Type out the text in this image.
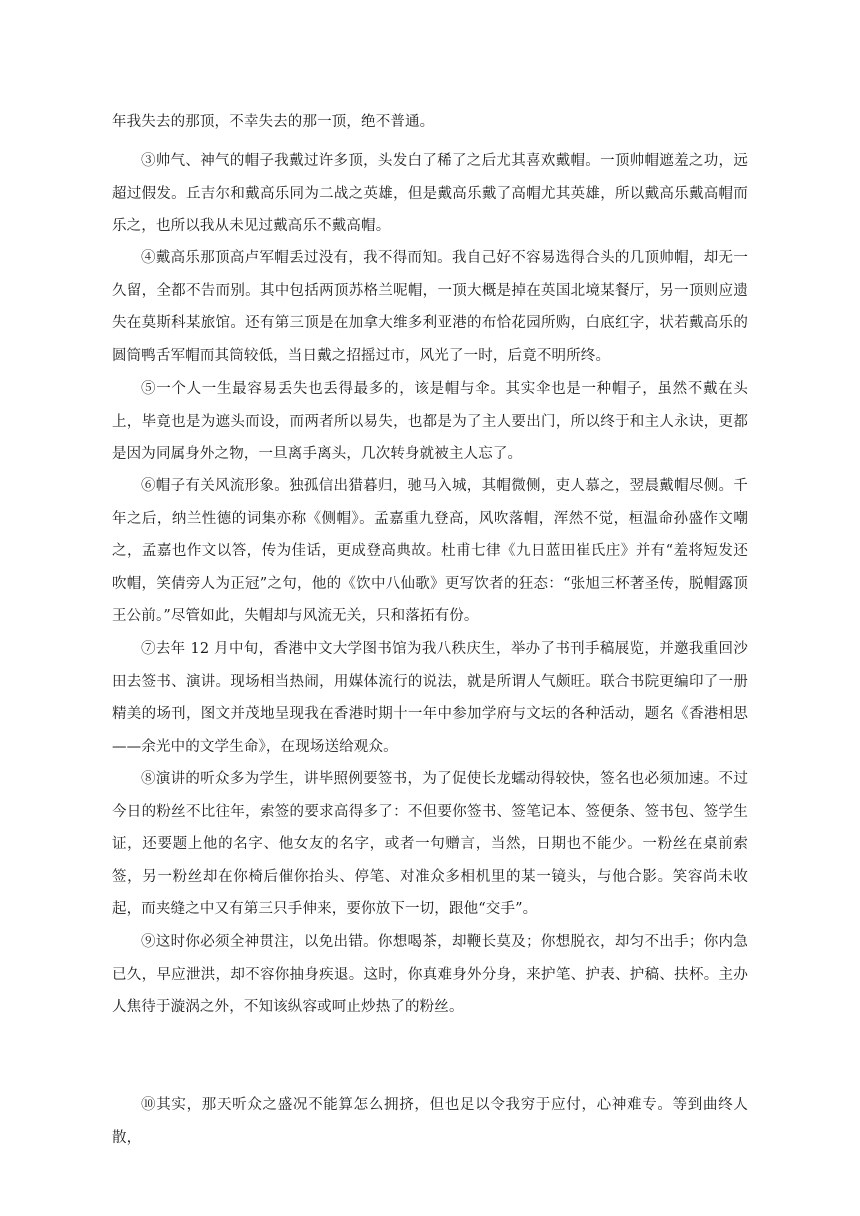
年我失去的那顶，不幸失去的那一顶，绝不普通。

③帅气、神气的帽子我戴过许多顶，头发白了稀了之后尤其喜欢戴帽。一顶帅帽遮羞之功，远超过假发。丘吉尔和戴高乐同为二战之英雄，但是戴高乐戴了高帽尤其英雄，所以戴高乐戴高帽而乐之，也所以我从未见过戴高乐不戴高帽。

④戴高乐那顶高卢军帽丢过没有，我不得而知。我自己好不容易选得合头的几顶帅帽，却无一久留，全都不告而别。其中包括两顶苏格兰呢帽，一顶大概是掉在英国北境某餐厅，另一顶则应遗失在莫斯科某旅馆。还有第三顶是在加拿大维多利亚港的布恰花园所购，白底红字，状若戴高乐的圆筒鸭舌军帽而其筒较低，当日戴之招摇过市，风光了一时，后竟不明所终。

⑤一个人一生最容易丢失也丢得最多的，该是帽与伞。其实伞也是一种帽子，虽然不戴在头上，毕竟也是为遮头而设，而两者所以易失，也都是为了主人要出门，所以终于和主人永诀，更都是因为同属身外之物，一旦离手离头，几次转身就被主人忘了。

⑥帽子有关风流形象。独孤信出猎暮归，驰马入城，其帽微侧，吏人慕之，翌晨戴帽尽侧。千年之后，纳兰性德的词集亦称《侧帽》。孟嘉重九登高，风吹落帽，浑然不觉，桓温命孙盛作文嘲之，孟嘉也作文以答，传为佳话，更成登高典故。杜甫七律《九日蓝田崔氏庄》并有“羞将短发还吹帽，笑倩旁人为正冠”之句，他的《饮中八仙歌》更写饮者的狂态：“张旭三杯著圣传，脱帽露顶王公前。”尽管如此，失帽却与风流无关，只和落拓有份。

⑦去年 12 月中旬，香港中文大学图书馆为我八秩庆生，举办了书刊手稿展览，并邀我重回沙田去签书、演讲。现场相当热闹，用媒体流行的说法，就是所谓人气颇旺。联合书院更编印了一册精美的场刊，图文并茂地呈现我在香港时期十一年中参加学府与文坛的各种活动，题名《香港相思——余光中的文学生命》，在现场送给观众。

⑧演讲的听众多为学生，讲毕照例要签书，为了促使长龙蠕动得较快，签名也必须加速。不过今日的粉丝不比往年，索签的要求高得多了：不但要你签书、签笔记本、签便条、签书包、签学生证，还要题上他的名字、他女友的名字，或者一句赠言，当然，日期也不能少。一粉丝在桌前索签，另一粉丝却在你椅后催你抬头、停笔、对准众多相机里的某一镜头，与他合影。笑容尚未收起，而夹缝之中又有第三只手伸来，要你放下一切，跟他“交手”。

⑨这时你必须全神贯注，以免出错。你想喝茶，却鞭长莫及；你想脱衣，却匀不出手；你内急已久，早应泄洪，却不容你抽身疾退。这时，你真难身外分身，来护笔、护表、护稿、扶杯。主办人焦待于漩涡之外，不知该纵容或呵止炒热了的粉丝。

⑩其实，那天听众之盛况不能算怎么拥挤，但也足以令我穷于应付，心神难专。等到曲终人散，
